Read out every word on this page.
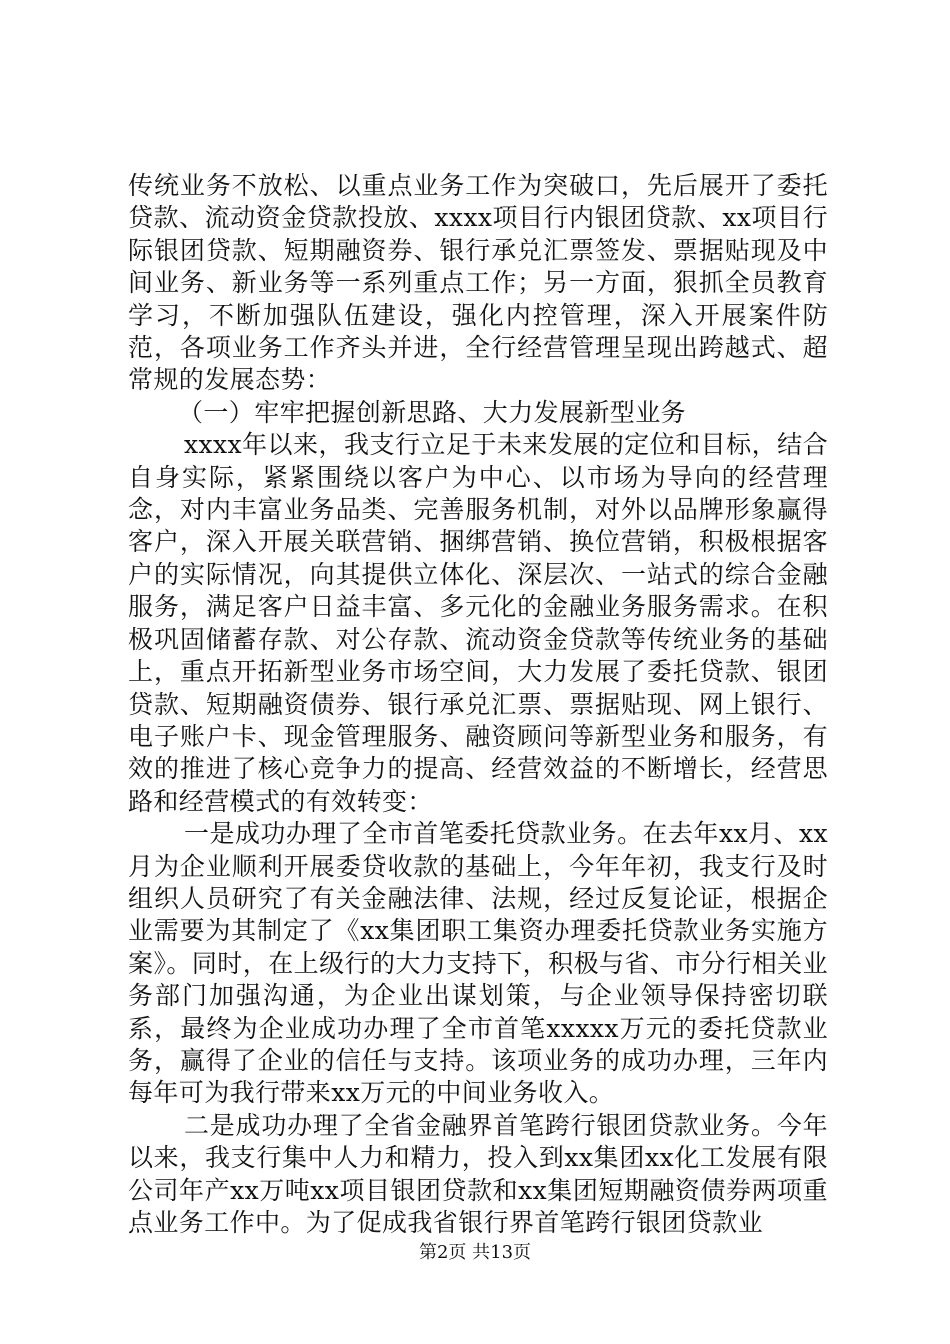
传统业务不放松、以重点业务工作为突破口，先后展开了委托贷款、流动资金贷款投放、xxxx项目行内银团贷款、xx项目行际银团贷款、短期融资券、银行承兑汇票签发、票据贴现及中间业务、新业务等一系列重点工作；另一方面，狠抓全员教育学习，不断加强队伍建设，强化内控管理，深入开展案件防范，各项业务工作齐头并进，全行经营管理呈现出跨越式、超常规的发展态势：

（一）牢牢把握创新思路、大力发展新型业务

xxxx年以来，我支行立足于未来发展的定位和目标，结合自身实际，紧紧围绕以客户为中心、以市场为导向的经营理念，对内丰富业务品类、完善服务机制，对外以品牌形象赢得客户，深入开展关联营销、捆绑营销、换位营销，积极根据客户的实际情况，向其提供立体化、深层次、一站式的综合金融服务，满足客户日益丰富、多元化的金融业务服务需求。在积极巩固储蓄存款、对公存款、流动资金贷款等传统业务的基础上，重点开拓新型业务市场空间，大力发展了委托贷款、银团贷款、短期融资债券、银行承兑汇票、票据贴现、网上银行、电子账户卡、现金管理服务、融资顾问等新型业务和服务，有效的推进了核心竞争力的提高、经营效益的不断增长，经营思路和经营模式的有效转变：

一是成功办理了全市首笔委托贷款业务。在去年xx月、xx月为企业顺利开展委贷收款的基础上，今年年初，我支行及时组织人员研究了有关金融法律、法规，经过反复论证，根据企业需要为其制定了《xx集团职工集资办理委托贷款业务实施方案》。同时，在上级行的大力支持下，积极与省、市分行相关业务部门加强沟通，为企业出谋划策，与企业领导保持密切联系，最终为企业成功办理了全市首笔xxxxx万元的委托贷款业务，赢得了企业的信任与支持。该项业务的成功办理，三年内每年可为我行带来xx万元的中间业务收入。

二是成功办理了全省金融界首笔跨行银团贷款业务。今年以来，我支行集中人力和精力，投入到xx集团xx化工发展有限公司年产xx万吨xx项目银团贷款和xx集团短期融资债券两项重点业务工作中。为了促成我省银行界首笔跨行银团贷款业

第2页 共13页
